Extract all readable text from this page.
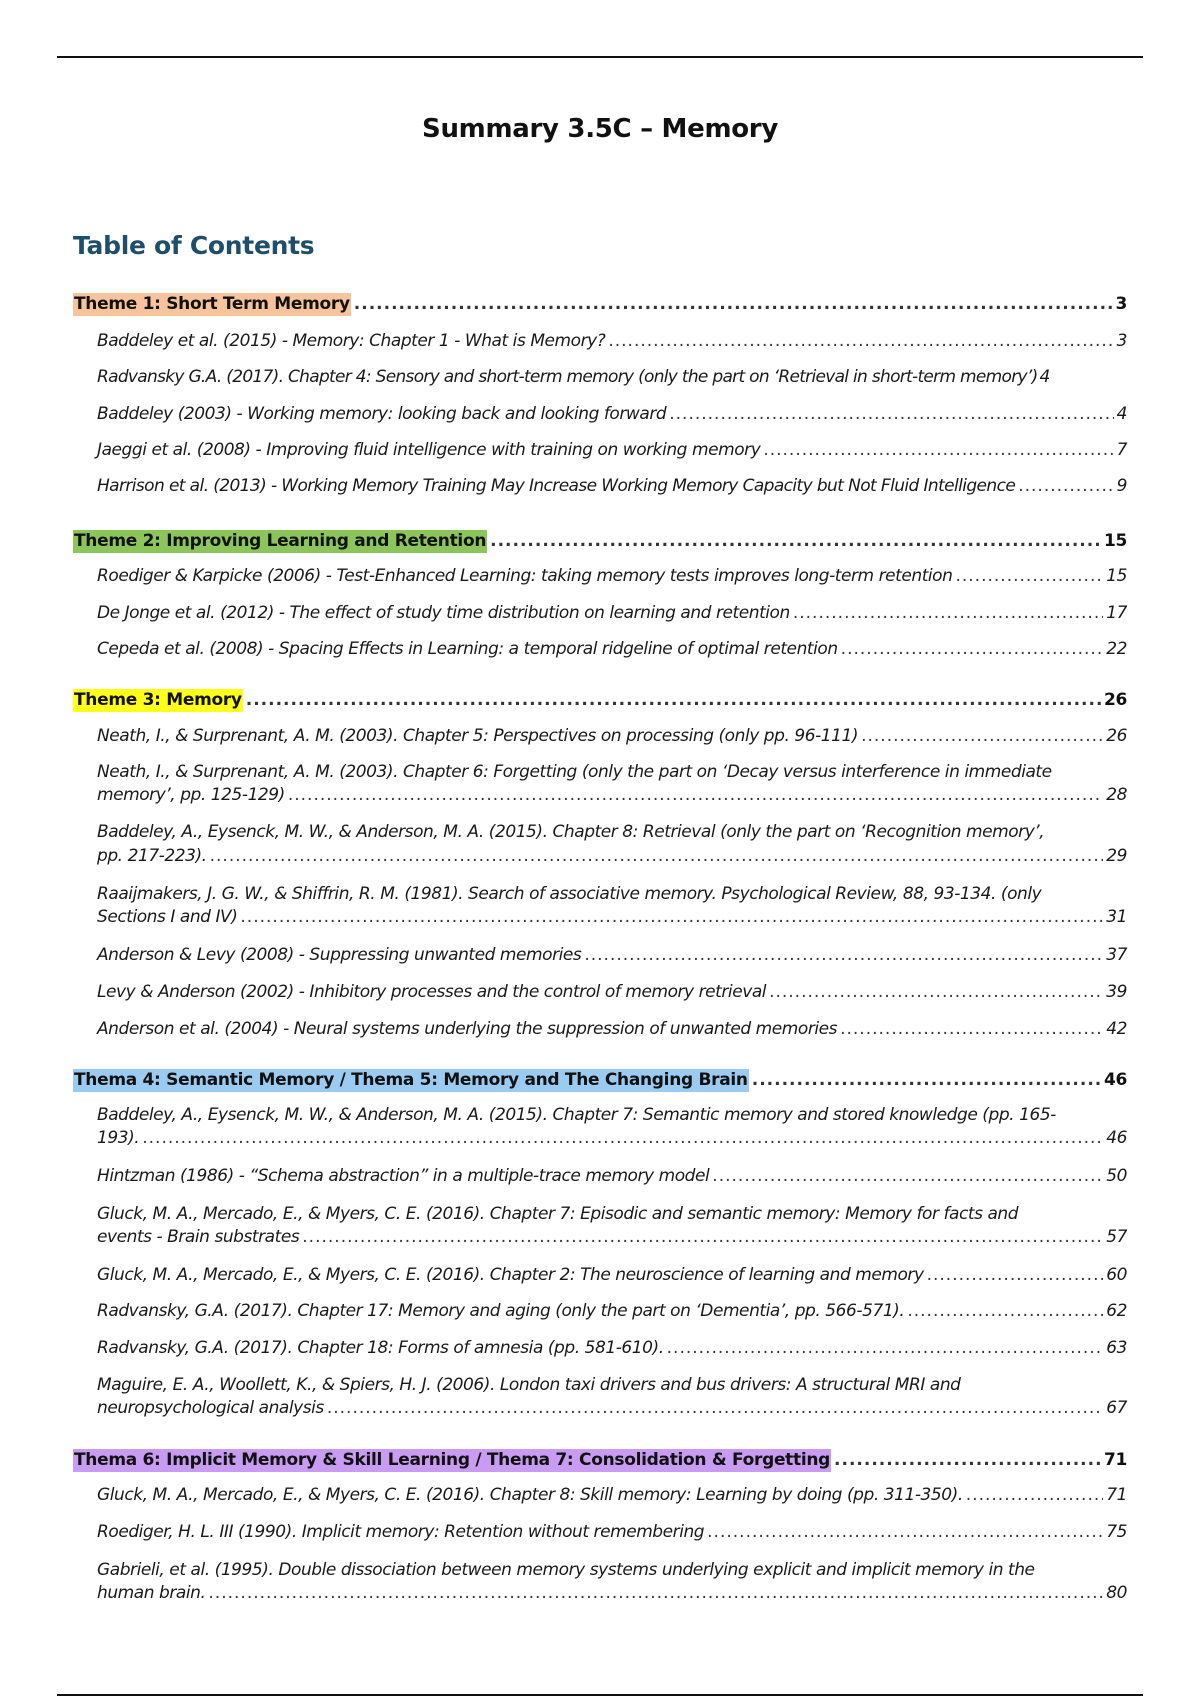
Summary 3.5C – Memory
Table of Contents
Theme 1: Short Term Memory .....	3
Baddeley et al. (2015) - Memory: Chapter 1 - What is Memory? .....	3
Radvansky G.A. (2017). Chapter 4: Sensory and short-term memory (only the part on ‘Retrieval in short-term memory’) 4
Baddeley (2003) - Working memory: looking back and looking forward .....	4
Jaeggi et al. (2008) - Improving fluid intelligence with training on working memory .....	7
Harrison et al. (2013) - Working Memory Training May Increase Working Memory Capacity but Not Fluid Intelligence .....	9
Theme 2: Improving Learning and Retention .....	15
Roediger & Karpicke (2006) - Test-Enhanced Learning: taking memory tests improves long-term retention .....	15
De Jonge et al. (2012) - The effect of study time distribution on learning and retention .....	17
Cepeda et al. (2008) - Spacing Effects in Learning: a temporal ridgeline of optimal retention .....	22
Theme 3: Memory .....	26
Neath, I., & Surprenant, A. M. (2003). Chapter 5: Perspectives on processing (only pp. 96-111) .....	26
Neath, I., & Surprenant, A. M. (2003). Chapter 6: Forgetting (only the part on ‘Decay versus interference in immediate
memory’, pp. 125-129) .....	28
Baddeley, A., Eysenck, M. W., & Anderson, M. A. (2015). Chapter 8: Retrieval (only the part on ‘Recognition memory’,
pp. 217-223). .....	29
Raaijmakers, J. G. W., & Shiffrin, R. M. (1981). Search of associative memory. Psychological Review, 88, 93-134. (only
Sections I and IV) .....	31
Anderson & Levy (2008) - Suppressing unwanted memories .....	37
Levy & Anderson (2002) - Inhibitory processes and the control of memory retrieval .....	39
Anderson et al. (2004) - Neural systems underlying the suppression of unwanted memories .....	42
Thema 4: Semantic Memory / Thema 5: Memory and The Changing Brain .....	46
Baddeley, A., Eysenck, M. W., & Anderson, M. A. (2015). Chapter 7: Semantic memory and stored knowledge (pp. 165-
193). .....	46
Hintzman (1986) - “Schema abstraction” in a multiple-trace memory model .....	50
Gluck, M. A., Mercado, E., & Myers, C. E. (2016). Chapter 7: Episodic and semantic memory: Memory for facts and
events - Brain substrates .....	57
Gluck, M. A., Mercado, E., & Myers, C. E. (2016). Chapter 2: The neuroscience of learning and memory .....	60
Radvansky, G.A. (2017). Chapter 17: Memory and aging (only the part on ‘Dementia’, pp. 566-571). .....	62
Radvansky, G.A. (2017). Chapter 18: Forms of amnesia (pp. 581-610). .....	63
Maguire, E. A., Woollett, K., & Spiers, H. J. (2006). London taxi drivers and bus drivers: A structural MRI and
neuropsychological analysis .....	67
Thema 6: Implicit Memory & Skill Learning / Thema 7: Consolidation & Forgetting .....	71
Gluck, M. A., Mercado, E., & Myers, C. E. (2016). Chapter 8: Skill memory: Learning by doing (pp. 311-350). .....	71
Roediger, H. L. III (1990). Implicit memory: Retention without remembering .....	75
Gabrieli, et al. (1995). Double dissociation between memory systems underlying explicit and implicit memory in the
human brain. .....	80
